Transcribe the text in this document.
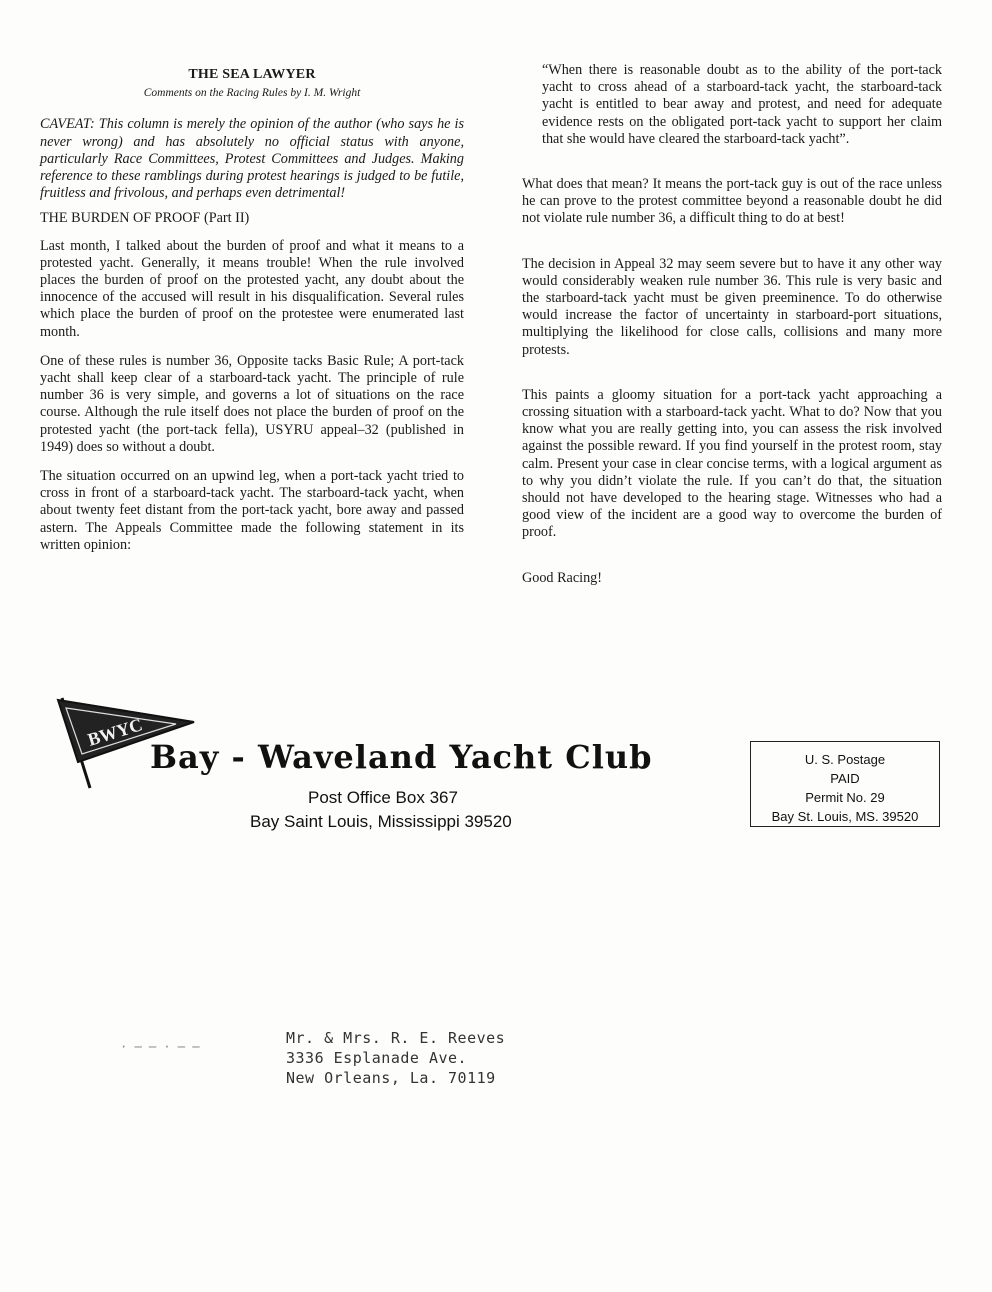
THE SEA LAWYER
Comments on the Racing Rules by I. M. Wright

CAVEAT: This column is merely the opinion of the author (who says he is never wrong) and has absolutely no official status with anyone, particularly Race Committees, Protest Committees and Judges. Making reference to these ramblings during protest hearings is judged to be futile, fruitless and frivolous, and perhaps even detrimental!

THE BURDEN OF PROOF (Part II)

Last month, I talked about the burden of proof and what it means to a protested yacht. Generally, it means trouble! When the rule involved places the burden of proof on the protested yacht, any doubt about the innocence of the accused will result in his disqualification. Several rules which place the burden of proof on the protestee were enumerated last month.

One of these rules is number 36, Opposite tacks Basic Rule; A port-tack yacht shall keep clear of a starboard-tack yacht. The principle of rule number 36 is very simple, and governs a lot of situations on the race course. Although the rule itself does not place the burden of proof on the protested yacht (the port-tack fella), USYRU appeal–32 (published in 1949) does so without a doubt.

The situation occurred on an upwind leg, when a port-tack yacht tried to cross in front of a starboard-tack yacht. The starboard-tack yacht, when about twenty feet distant from the port-tack yacht, bore away and passed astern. The Appeals Committee made the following statement in its written opinion:

“When there is reasonable doubt as to the ability of the port-tack yacht to cross ahead of a starboard-tack yacht, the starboard-tack yacht is entitled to bear away and protest, and need for adequate evidence rests on the obligated port-tack yacht to support her claim that she would have cleared the starboard-tack yacht”.

What does that mean? It means the port-tack guy is out of the race unless he can prove to the protest committee beyond a reasonable doubt he did not violate rule number 36, a difficult thing to do at best!

The decision in Appeal 32 may seem severe but to have it any other way would considerably weaken rule number 36. This rule is very basic and the starboard-tack yacht must be given preeminence. To do otherwise would increase the factor of uncertainty in starboard-port situations, multiplying the likelihood for close calls, collisions and many more protests.

This paints a gloomy situation for a port-tack yacht approaching a crossing situation with a starboard-tack yacht. What to do? Now that you know what you are really getting into, you can assess the risk involved against the possible reward. If you find yourself in the protest room, stay calm. Present your case in clear concise terms, with a logical argument as to why you didn’t violate the rule. If you can’t do that, the situation should not have developed to the hearing stage. Witnesses who had a good view of the incident are a good way to overcome the burden of proof.

Good Racing!

BWYC
Bay - Waveland Yacht Club
Post Office Box 367
Bay Saint Louis, Mississippi 39520
U. S. Postage
PAID
Permit No. 29
Bay St. Louis, MS. 39520
· ─ ─ · ─ ─	Mr. & Mrs. R. E. Reeves
3336 Esplanade Ave.
New Orleans, La. 70119
